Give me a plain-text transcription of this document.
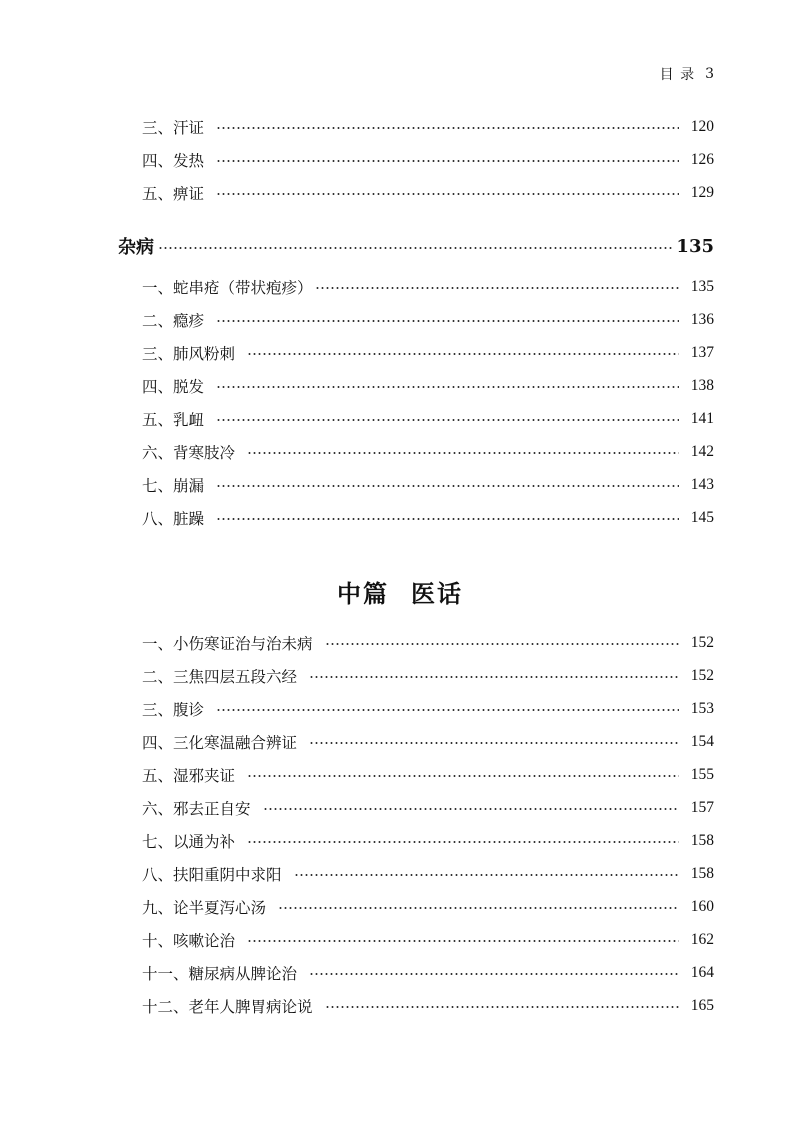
目 录 3
三、汗证	120
四、发热	126
五、痹证	129
杂病	135
一、蛇串疮（带状疱疹）	135
二、瘾疹	136
三、肺风粉刺	137
四、脱发	138
五、乳衄	141
六、背寒肢冷	142
七、崩漏	143
八、脏躁	145
中篇 医话
一、小伤寒证治与治未病	152
二、三焦四层五段六经	152
三、腹诊	153
四、三化寒温融合辨证	154
五、湿邪夹证	155
六、邪去正自安	157
七、以通为补	158
八、扶阳重阴中求阳	158
九、论半夏泻心汤	160
十、咳嗽论治	162
十一、糖尿病从脾论治	164
十二、老年人脾胃病论说	165
